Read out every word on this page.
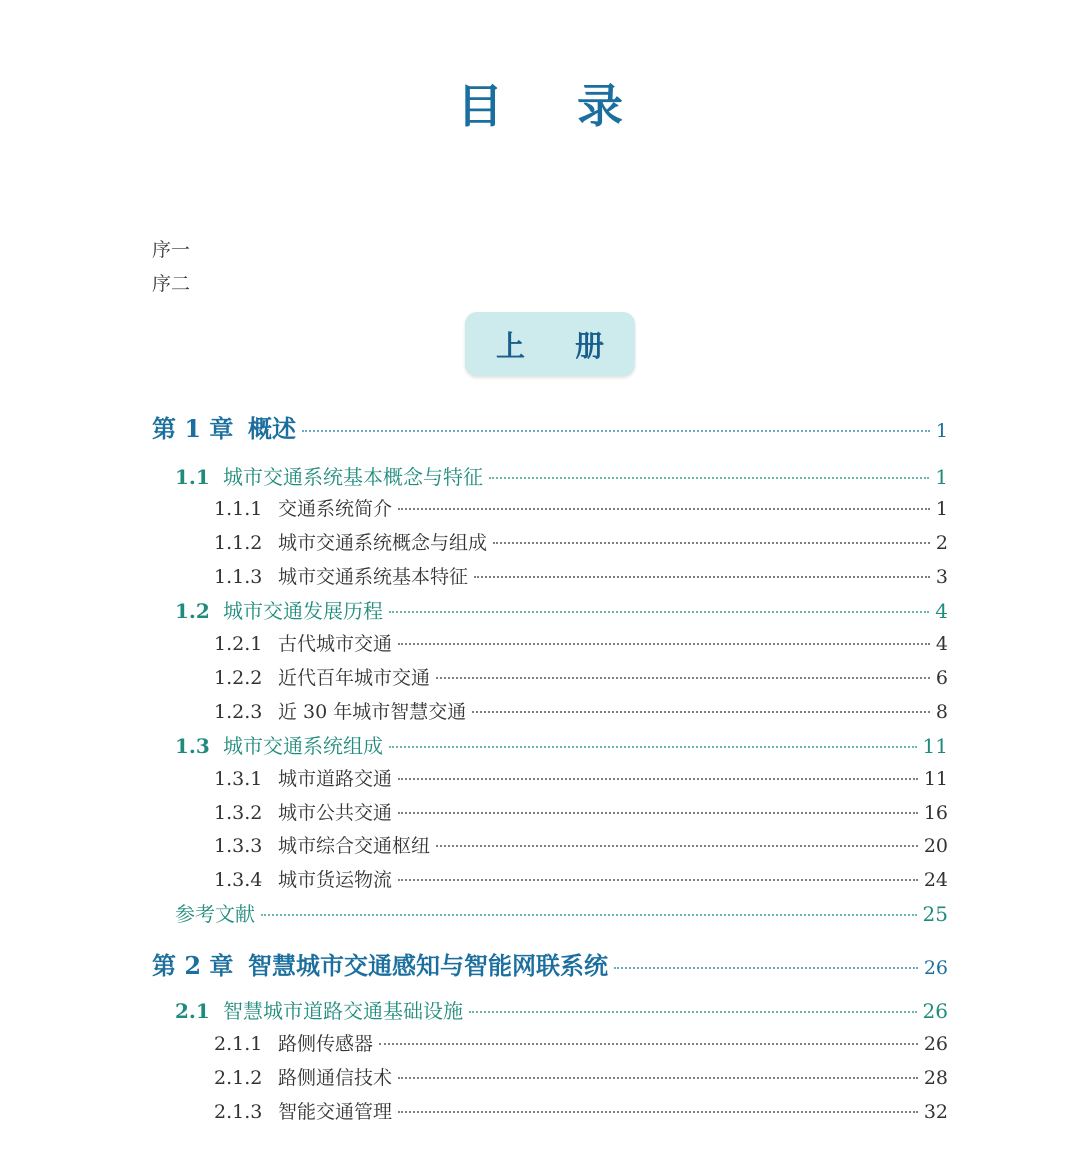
目 录
序一
序二
上 册
第 1 章 概述	1
1.1 城市交通系统基本概念与特征	1
1.1.1 交通系统简介	1
1.1.2 城市交通系统概念与组成	2
1.1.3 城市交通系统基本特征	3
1.2 城市交通发展历程	4
1.2.1 古代城市交通	4
1.2.2 近代百年城市交通	6
1.2.3 近 30 年城市智慧交通	8
1.3 城市交通系统组成	11
1.3.1 城市道路交通	11
1.3.2 城市公共交通	16
1.3.3 城市综合交通枢纽	20
1.3.4 城市货运物流	24
参考文献	25
第 2 章 智慧城市交通感知与智能网联系统	26
2.1 智慧城市道路交通基础设施	26
2.1.1 路侧传感器	26
2.1.2 路侧通信技术	28
2.1.3 智能交通管理	32
